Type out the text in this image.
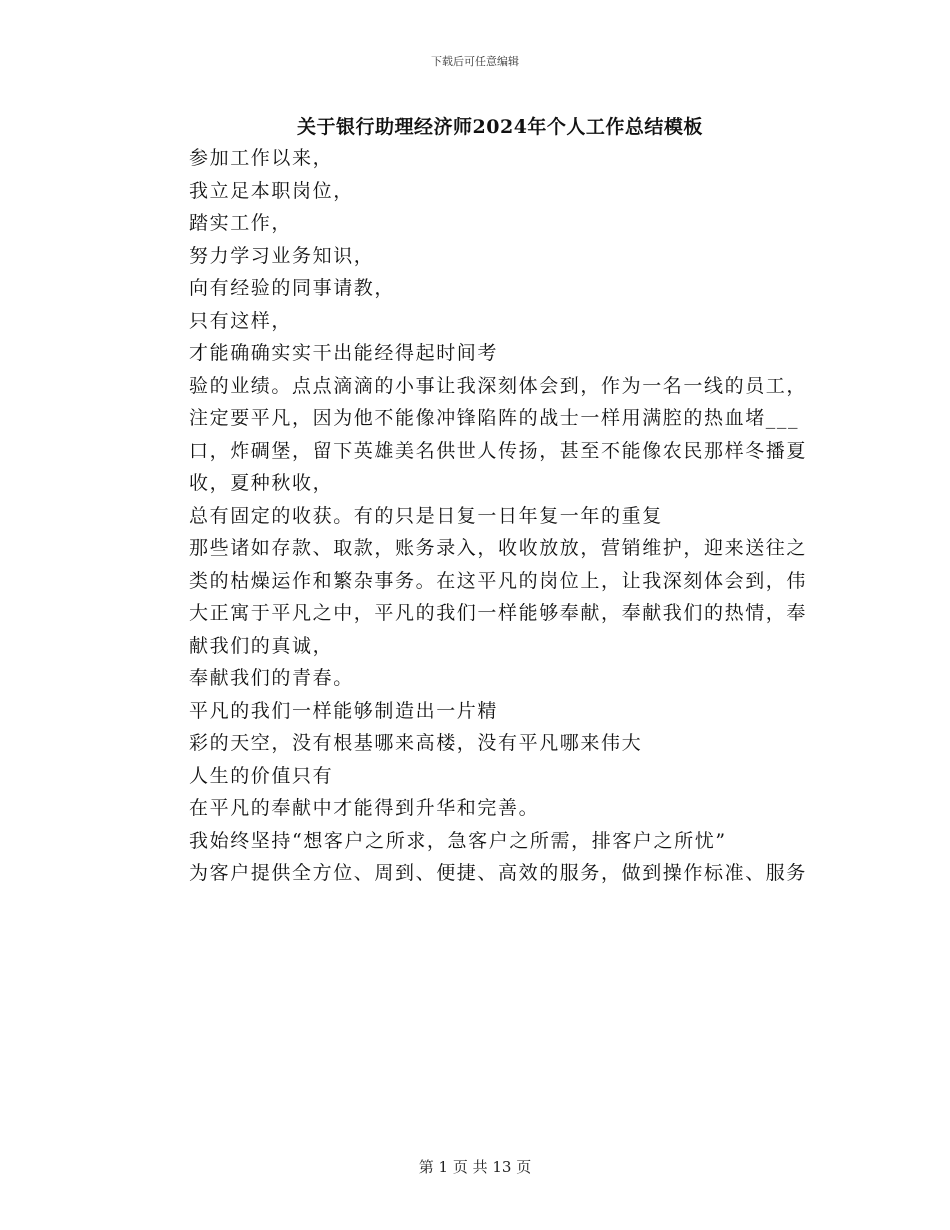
下载后可任意编辑
关于银行助理经济师2024年个人工作总结模板

参加工作以来，

我立足本职岗位，

踏实工作，

努力学习业务知识，

向有经验的同事请教，

只有这样，

才能确确实实干出能经得起时间考

验的业绩。点点滴滴的小事让我深刻体会到，作为一名一线的员工，

注定要平凡，因为他不能像冲锋陷阵的战士一样用满腔的热血堵___

口，炸碉堡，留下英雄美名供世人传扬，甚至不能像农民那样冬播夏

收，夏种秋收，

总有固定的收获。有的只是日复一日年复一年的重复

那些诸如存款、取款，账务录入，收收放放，营销维护，迎来送往之

类的枯燥运作和繁杂事务。在这平凡的岗位上，让我深刻体会到，伟

大正寓于平凡之中，平凡的我们一样能够奉献，奉献我们的热情，奉

献我们的真诚，

奉献我们的青春。

平凡的我们一样能够制造出一片精

彩的天空，没有根基哪来高楼，没有平凡哪来伟大

人生的价值只有

在平凡的奉献中才能得到升华和完善。

我始终坚持“想客户之所求，急客户之所需，排客户之所忧”

为客户提供全方位、周到、便捷、高效的服务，做到操作标准、服务

第 1 页 共 13 页
